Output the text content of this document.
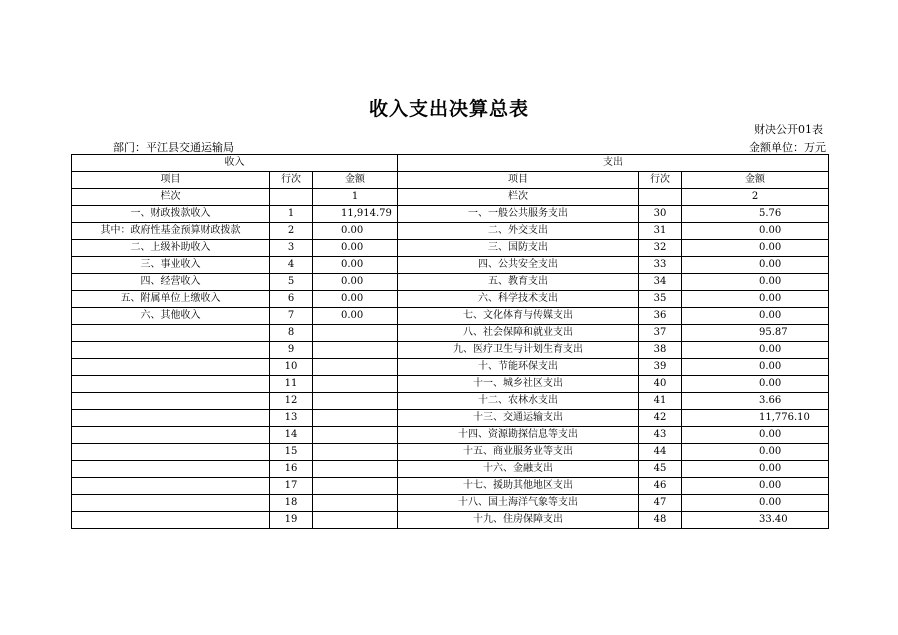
收入支出决算总表
财决公开01表
部门：平江县交通运输局	金额单位：万元
收入			支出		
项目	行次	金额	项目	行次	金额
栏次		1	栏次		2
一、财政拨款收入	1	11,914.79	一、一般公共服务支出	30	5.76
其中：政府性基金预算财政拨款	2	0.00	二、外交支出	31	0.00
二、上级补助收入	3	0.00	三、国防支出	32	0.00
三、事业收入	4	0.00	四、公共安全支出	33	0.00
四、经营收入	5	0.00	五、教育支出	34	0.00
五、附属单位上缴收入	6	0.00	六、科学技术支出	35	0.00
六、其他收入	7	0.00	七、文化体育与传媒支出	36	0.00
	8		八、社会保障和就业支出	37	95.87
	9		九、医疗卫生与计划生育支出	38	0.00
	10		十、节能环保支出	39	0.00
	11		十一、城乡社区支出	40	0.00
	12		十二、农林水支出	41	3.66
	13		十三、交通运输支出	42	11,776.10
	14		十四、资源勘探信息等支出	43	0.00
	15		十五、商业服务业等支出	44	0.00
	16		十六、金融支出	45	0.00
	17		十七、援助其他地区支出	46	0.00
	18		十八、国土海洋气象等支出	47	0.00
	19		十九、住房保障支出	48	33.40
